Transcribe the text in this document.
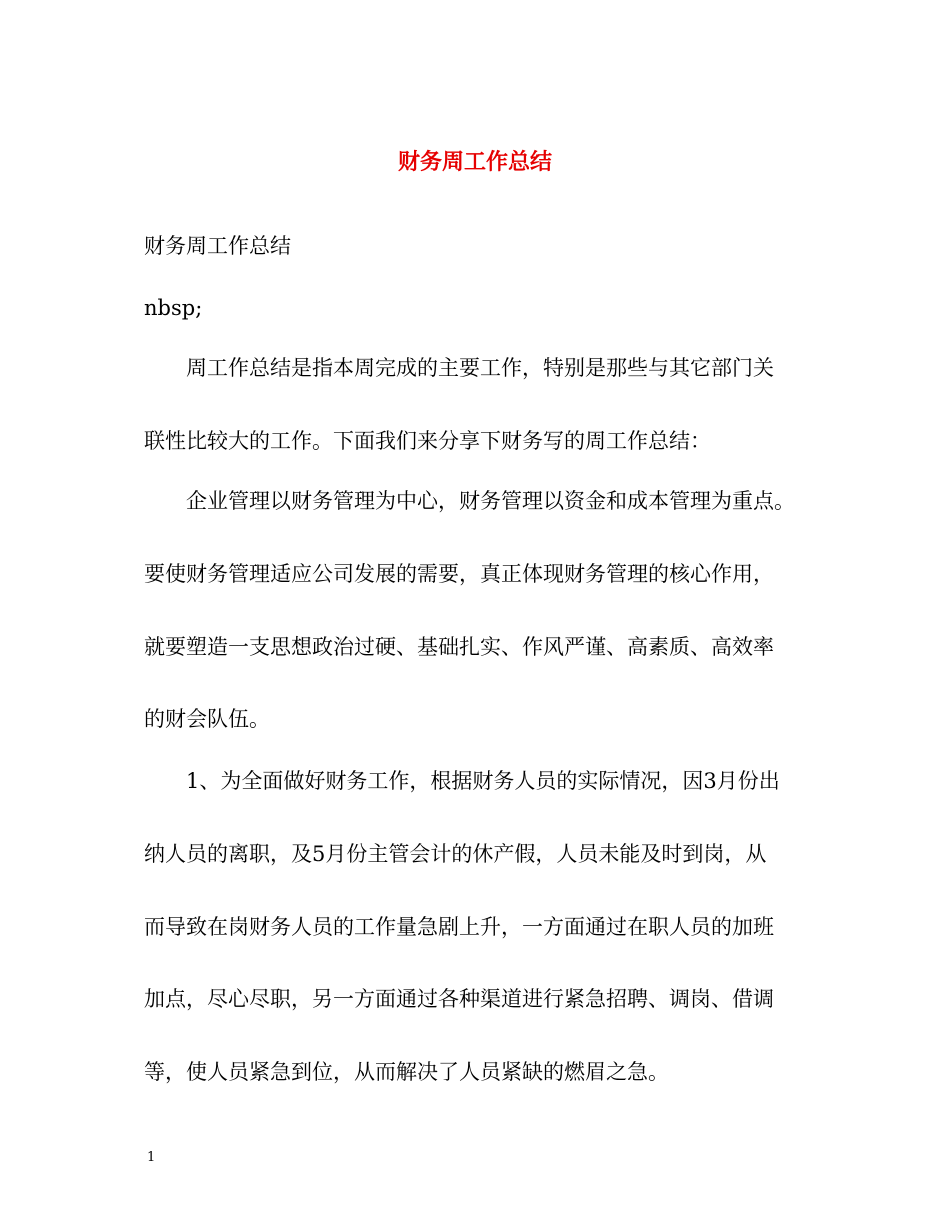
财务周工作总结

财务周工作总结

nbsp;

周工作总结是指本周完成的主要工作，特别是那些与其它部门关

联性比较大的工作。下面我们来分享下财务写的周工作总结：

企业管理以财务管理为中心，财务管理以资金和成本管理为重点。

要使财务管理适应公司发展的需要，真正体现财务管理的核心作用，

就要塑造一支思想政治过硬、基础扎实、作风严谨、高素质、高效率

的财会队伍。

1、为全面做好财务工作，根据财务人员的实际情况，因3月份出

纳人员的离职，及5月份主管会计的休产假，人员未能及时到岗，从

而导致在岗财务人员的工作量急剧上升，一方面通过在职人员的加班

加点，尽心尽职，另一方面通过各种渠道进行紧急招聘、调岗、借调

等，使人员紧急到位，从而解决了人员紧缺的燃眉之急。

1
